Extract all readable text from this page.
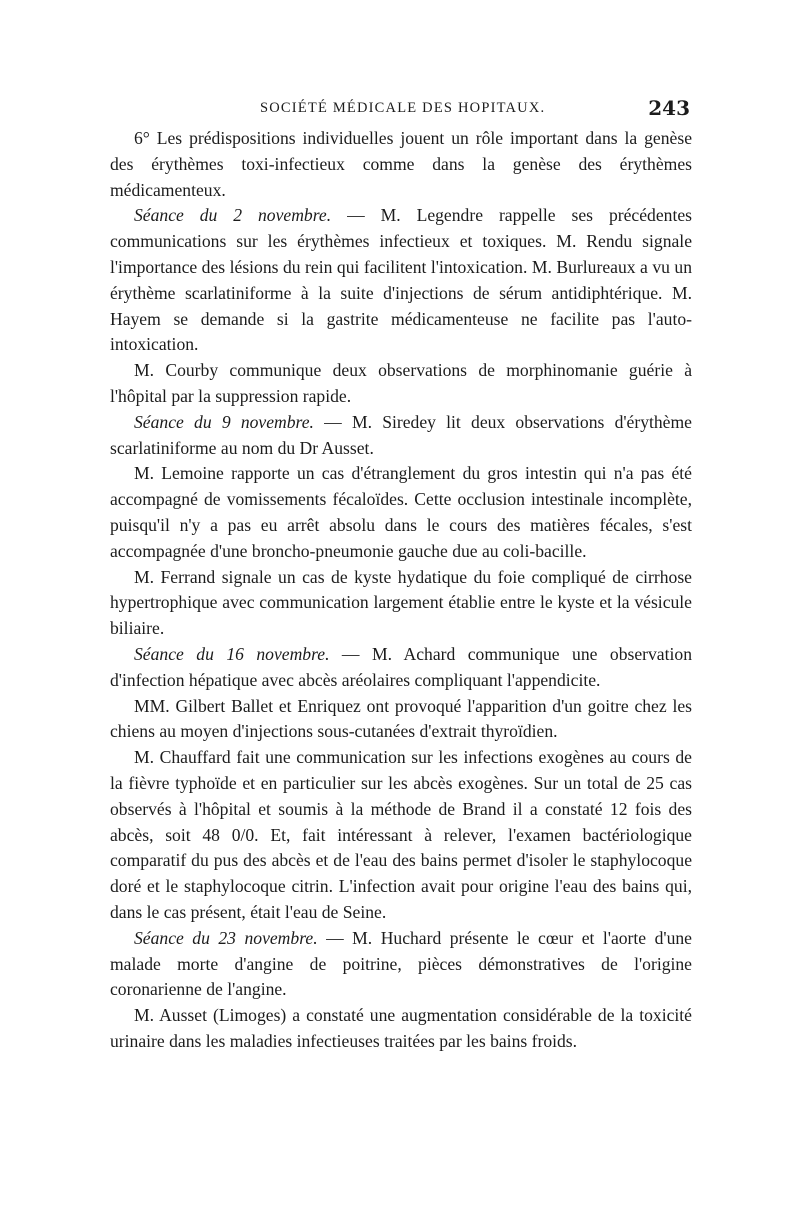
SOCIÉTÉ MÉDICALE DES HOPITAUX.	243

6° Les prédispositions individuelles jouent un rôle important dans la genèse des érythèmes toxi-infectieux comme dans la genèse des érythèmes médicamenteux.

Séance du 2 novembre. — M. Legendre rappelle ses précédentes communications sur les érythèmes infectieux et toxiques. M. Rendu signale l'importance des lésions du rein qui facilitent l'intoxication. M. Burlureaux a vu un érythème scarlatiniforme à la suite d'injections de sérum antidiphtérique. M. Hayem se demande si la gastrite médicamenteuse ne facilite pas l'auto-intoxication.

M. Courby communique deux observations de morphinomanie guérie à l'hôpital par la suppression rapide.

Séance du 9 novembre. — M. Siredey lit deux observations d'érythème scarlatiniforme au nom du Dr Ausset.

M. Lemoine rapporte un cas d'étranglement du gros intestin qui n'a pas été accompagné de vomissements fécaloïdes. Cette occlusion intestinale incomplète, puisqu'il n'y a pas eu arrêt absolu dans le cours des matières fécales, s'est accompagnée d'une broncho-pneumonie gauche due au coli-bacille.

M. Ferrand signale un cas de kyste hydatique du foie compliqué de cirrhose hypertrophique avec communication largement établie entre le kyste et la vésicule biliaire.

Séance du 16 novembre. — M. Achard communique une observation d'infection hépatique avec abcès aréolaires compliquant l'appendicite.

MM. Gilbert Ballet et Enriquez ont provoqué l'apparition d'un goitre chez les chiens au moyen d'injections sous-cutanées d'extrait thyroïdien.

M. Chauffard fait une communication sur les infections exogènes au cours de la fièvre typhoïde et en particulier sur les abcès exogènes. Sur un total de 25 cas observés à l'hôpital et soumis à la méthode de Brand il a constaté 12 fois des abcès, soit 48 0/0. Et, fait intéressant à relever, l'examen bactériologique comparatif du pus des abcès et de l'eau des bains permet d'isoler le staphylocoque doré et le staphylocoque citrin. L'infection avait pour origine l'eau des bains qui, dans le cas présent, était l'eau de Seine.

Séance du 23 novembre. — M. Huchard présente le cœur et l'aorte d'une malade morte d'angine de poitrine, pièces démonstratives de l'origine coronarienne de l'angine.

M. Ausset (Limoges) a constaté une augmentation considérable de la toxicité urinaire dans les maladies infectieuses traitées par les bains froids.
